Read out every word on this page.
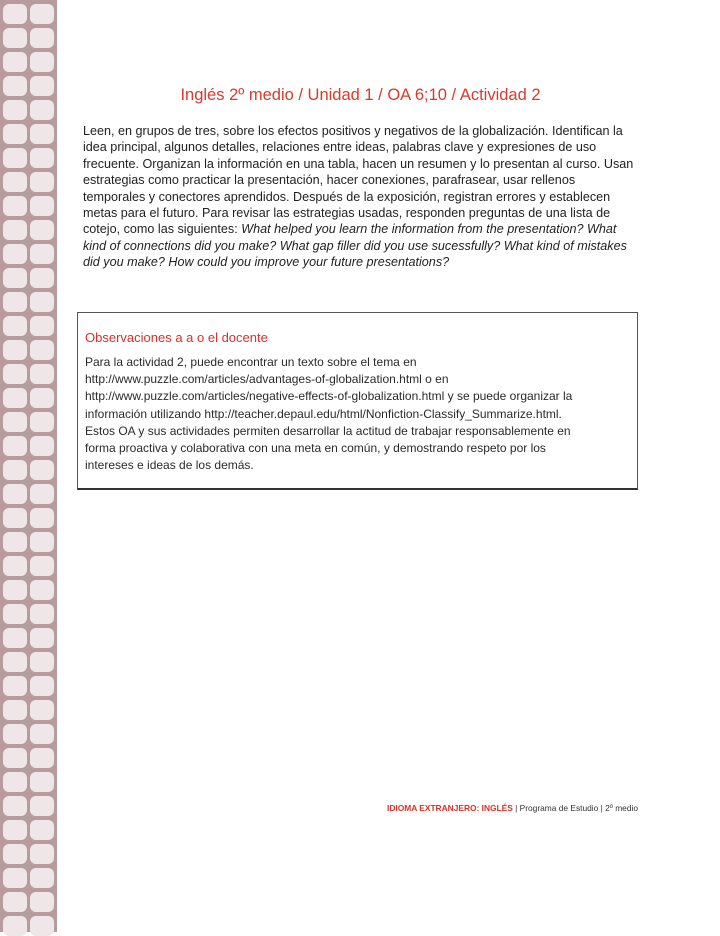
Inglés 2º medio / Unidad 1 / OA 6;10 / Actividad 2
Leen, en grupos de tres, sobre los efectos positivos y negativos de la globalización. Identifican la idea principal, algunos detalles, relaciones entre ideas, palabras clave y expresiones de uso frecuente. Organizan la información en una tabla, hacen un resumen y lo presentan al curso. Usan estrategias como practicar la presentación, hacer conexiones, parafrasear, usar rellenos temporales y conectores aprendidos. Después de la exposición, registran errores y establecen metas para el futuro. Para revisar las estrategias usadas, responden preguntas de una lista de cotejo, como las siguientes: What helped you learn the information from the presentation? What kind of connections did you make? What gap filler did you use sucessfully? What kind of mistakes did you make? How could you improve your future presentations?

Observaciones a a o el docente

Para la actividad 2, puede encontrar un texto sobre el tema en
http://www.puzzle.com/articles/advantages-of-globalization.html o en
http://www.puzzle.com/articles/negative-effects-of-globalization.html y se puede organizar la
información utilizando http://teacher.depaul.edu/html/Nonfiction-Classify_Summarize.html.
Estos OA y sus actividades permiten desarrollar la actitud de trabajar responsablemente en
forma proactiva y colaborativa con una meta en común, y demostrando respeto por los
intereses e ideas de los demás.

IDIOMA EXTRANJERO: INGLÉS | Programa de Estudio | 2º medio
